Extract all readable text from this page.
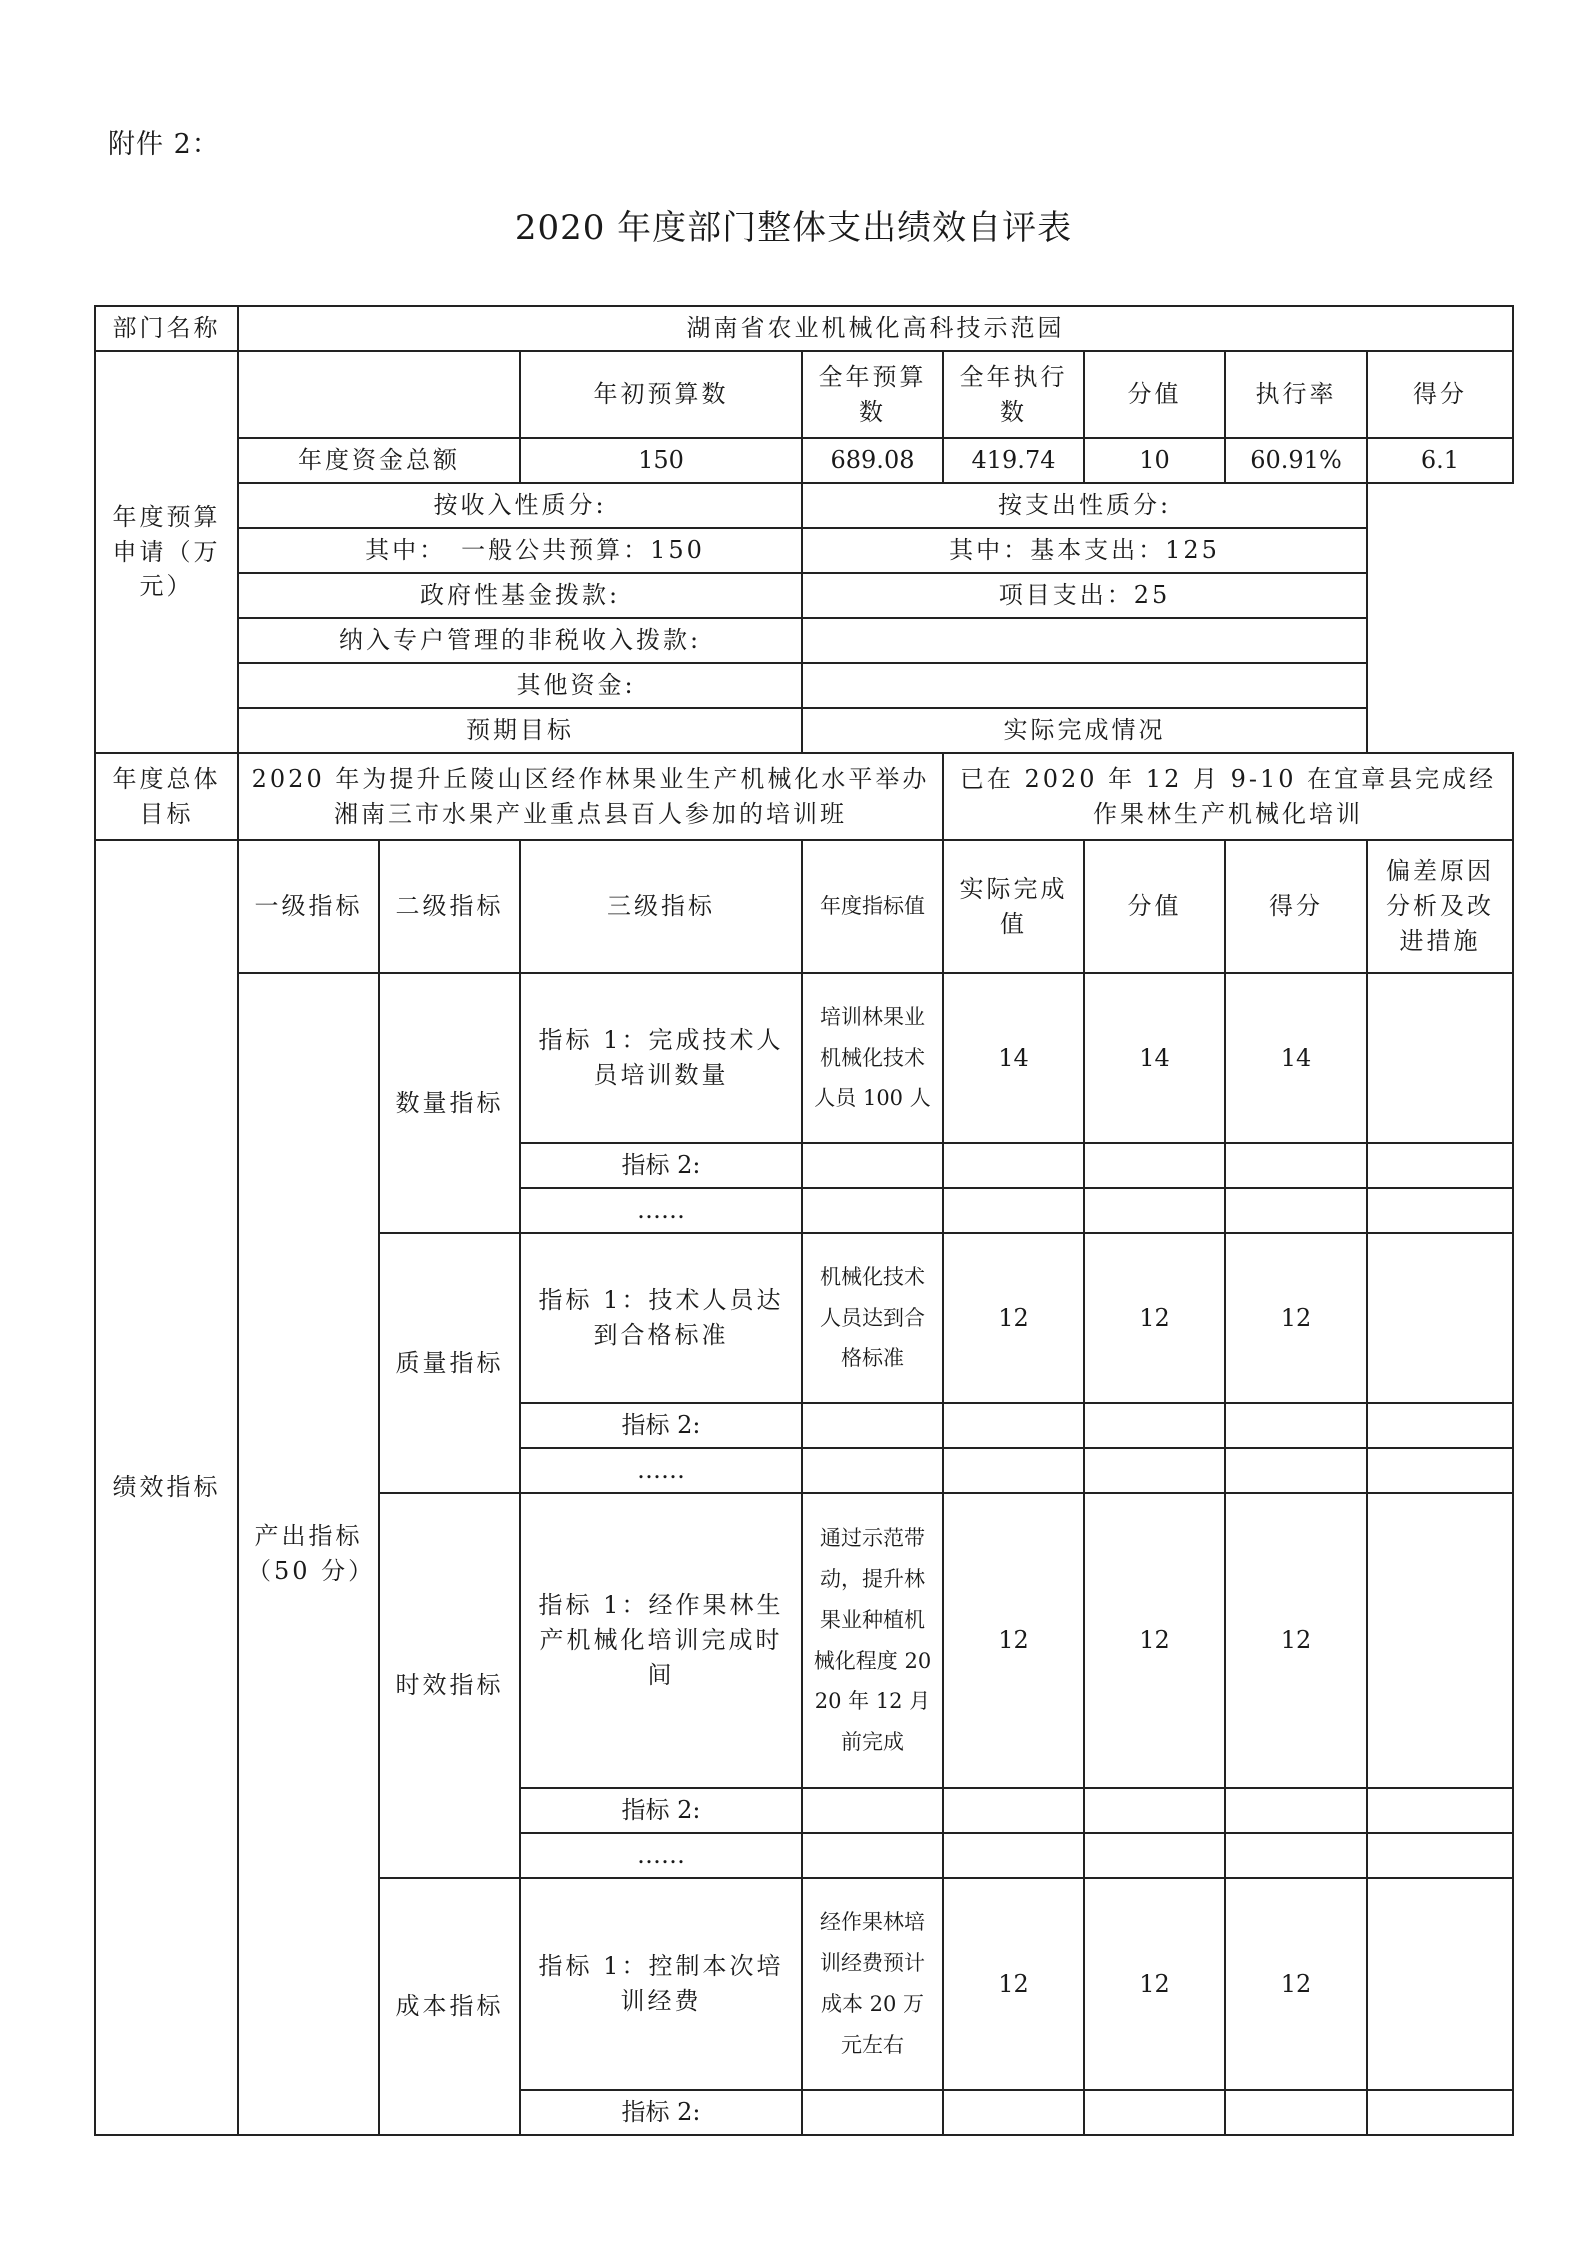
附件 2：
2020 年度部门整体支出绩效自评表
部门名称	湖南省农业机械化高科技示范园							
年度预算申请（万元）			年初预算数	全年预算数	全年执行数	分值	执行率	得分
	年度资金总额		150	689.08	419.74	10	60.91%	6.1
	按收入性质分:			按支出性质分:				
	其中：　一般公共预算：150			其中：基本支出：125				
	政府性基金拨款:			项目支出：25				
	纳入专户管理的非税收入拨款:							
	其他资金:							
	预期目标			实际完成情况				
年度总体目标	2020 年为提升丘陵山区经作林果业生产机械化水平举办湘南三市水果产业重点县百人参加的培训班				已在 2020 年 12 月 9-10 在宜章县完成经作果林生产机械化培训			
绩效指标	一级指标	二级指标	三级指标	年度指标值	实际完成值	分值	得分	偏差原因分析及改进措施
	产出指标（50 分）	数量指标	指标 1：完成技术人员培训数量	培训林果业机械化技术人员 100 人	14	14	14	
			指标 2:					
			……					
		质量指标	指标 1：技术人员达到合格标准	机械化技术人员达到合格标准	12	12	12	
			指标 2:					
			……					
		时效指标	指标 1：经作果林生产机械化培训完成时间	通过示范带动，提升林果业种植机械化程度 2020 年 12 月前完成	12	12	12	
			指标 2:					
			……					
		成本指标	指标 1：控制本次培训经费	经作果林培训经费预计成本 20 万元左右	12	12	12	
			指标 2:					
